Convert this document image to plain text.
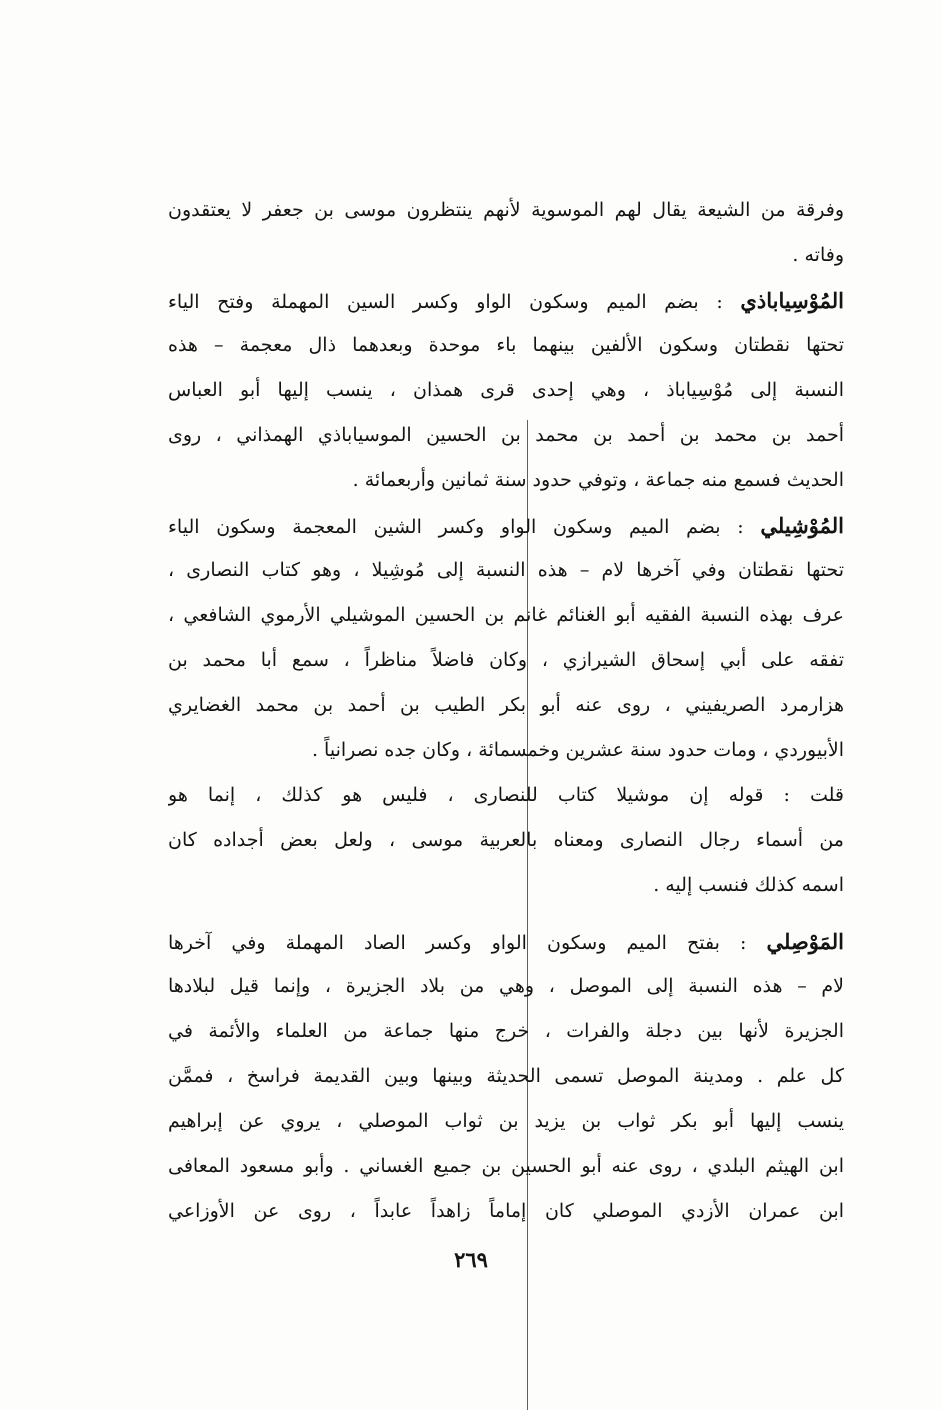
وفرقة من الشيعة يقال لهم الموسوية لأنهم ينتظرون موسى بن جعفر لا يعتقدون
وفاته .
المُوْسِياباذي : بضم الميم وسكون الواو وكسر السين المهملة وفتح الياء
تحتها نقطتان وسكون الألفين بينهما باء موحدة وبعدهما ذال معجمة – هذه
النسبة إلى مُوْسِياباذ ، وهي إحدى قرى همذان ، ينسب إليها أبو العباس
أحمد بن محمد بن أحمد بن محمد بن الحسين الموسياباذي الهمذاني ، روى
الحديث فسمع منه جماعة ، وتوفي حدود سنة ثمانين وأربعمائة .
المُوْشِيلي : بضم الميم وسكون الواو وكسر الشين المعجمة وسكون الياء
تحتها نقطتان وفي آخرها لام – هذه النسبة إلى مُوشِيلا ، وهو كتاب النصارى ،
عرف بهذه النسبة الفقيه أبو الغنائم غانم بن الحسين الموشيلي الأرموي الشافعي ،
تفقه على أبي إسحاق الشيرازي ، وكان فاضلاً مناظراً ، سمع أبا محمد بن
هزارمرد الصريفيني ، روى عنه أبو بكر الطيب بن أحمد بن محمد الغضايري
الأبيوردي ، ومات حدود سنة عشرين وخمسمائة ، وكان جده نصرانياً .
قلت : قوله إن موشيلا كتاب للنصارى ، فليس هو كذلك ، إنما هو
من أسماء رجال النصارى ومعناه بالعربية موسى ، ولعل بعض أجداده كان
اسمه كذلك فنسب إليه .
المَوْصِلي : بفتح الميم وسكون الواو وكسر الصاد المهملة وفي آخرها
لام – هذه النسبة إلى الموصل ، وهي من بلاد الجزيرة ، وإنما قيل لبلادها
الجزيرة لأنها بين دجلة والفرات ، خرج منها جماعة من العلماء والأئمة في
كل علم . ومدينة الموصل تسمى الحديثة وبينها وبين القديمة فراسخ ، فممَّن
ينسب إليها أبو بكر ثواب بن يزيد بن ثواب الموصلي ، يروي عن إبراهيم
ابن الهيثم البلدي ، روى عنه أبو الحسين بن جميع الغساني . وأبو مسعود المعافى
ابن عمران الأزدي الموصلي كان إماماً زاهداً عابداً ، روى عن الأوزاعي
٢٦٩
